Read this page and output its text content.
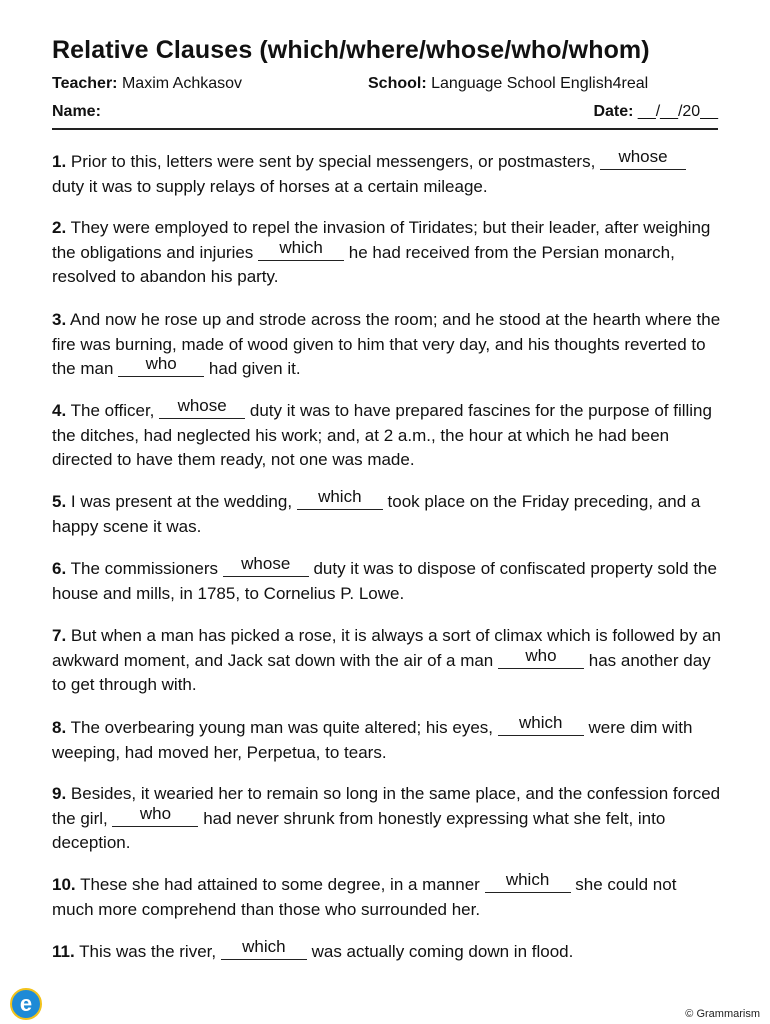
Relative Clauses (which/where/whose/who/whom)
Teacher: Maxim Achkasov	School: Language School English4real
Name:	Date: __/__/20__
1. Prior to this, letters were sent by special messengers, or postmasters, whose duty it was to supply relays of horses at a certain mileage.
2. They were employed to repel the invasion of Tiridates; but their leader, after weighing the obligations and injuries which he had received from the Persian monarch, resolved to abandon his party.
3. And now he rose up and strode across the room; and he stood at the hearth where the fire was burning, made of wood given to him that very day, and his thoughts reverted to the man who had given it.
4. The officer, whose duty it was to have prepared fascines for the purpose of filling the ditches, had neglected his work; and, at 2 a.m., the hour at which he had been directed to have them ready, not one was made.
5. I was present at the wedding, which took place on the Friday preceding, and a happy scene it was.
6. The commissioners whose duty it was to dispose of confiscated property sold the house and mills, in 1785, to Cornelius P. Lowe.
7. But when a man has picked a rose, it is always a sort of climax which is followed by an awkward moment, and Jack sat down with the air of a man who has another day to get through with.
8. The overbearing young man was quite altered; his eyes, which were dim with weeping, had moved her, Perpetua, to tears.
9. Besides, it wearied her to remain so long in the same place, and the confession forced the girl, who had never shrunk from honestly expressing what she felt, into deception.
10. These she had attained to some degree, in a manner which she could not much more comprehend than those who surrounded her.
11. This was the river, which was actually coming down in flood.
e	© Grammarism
